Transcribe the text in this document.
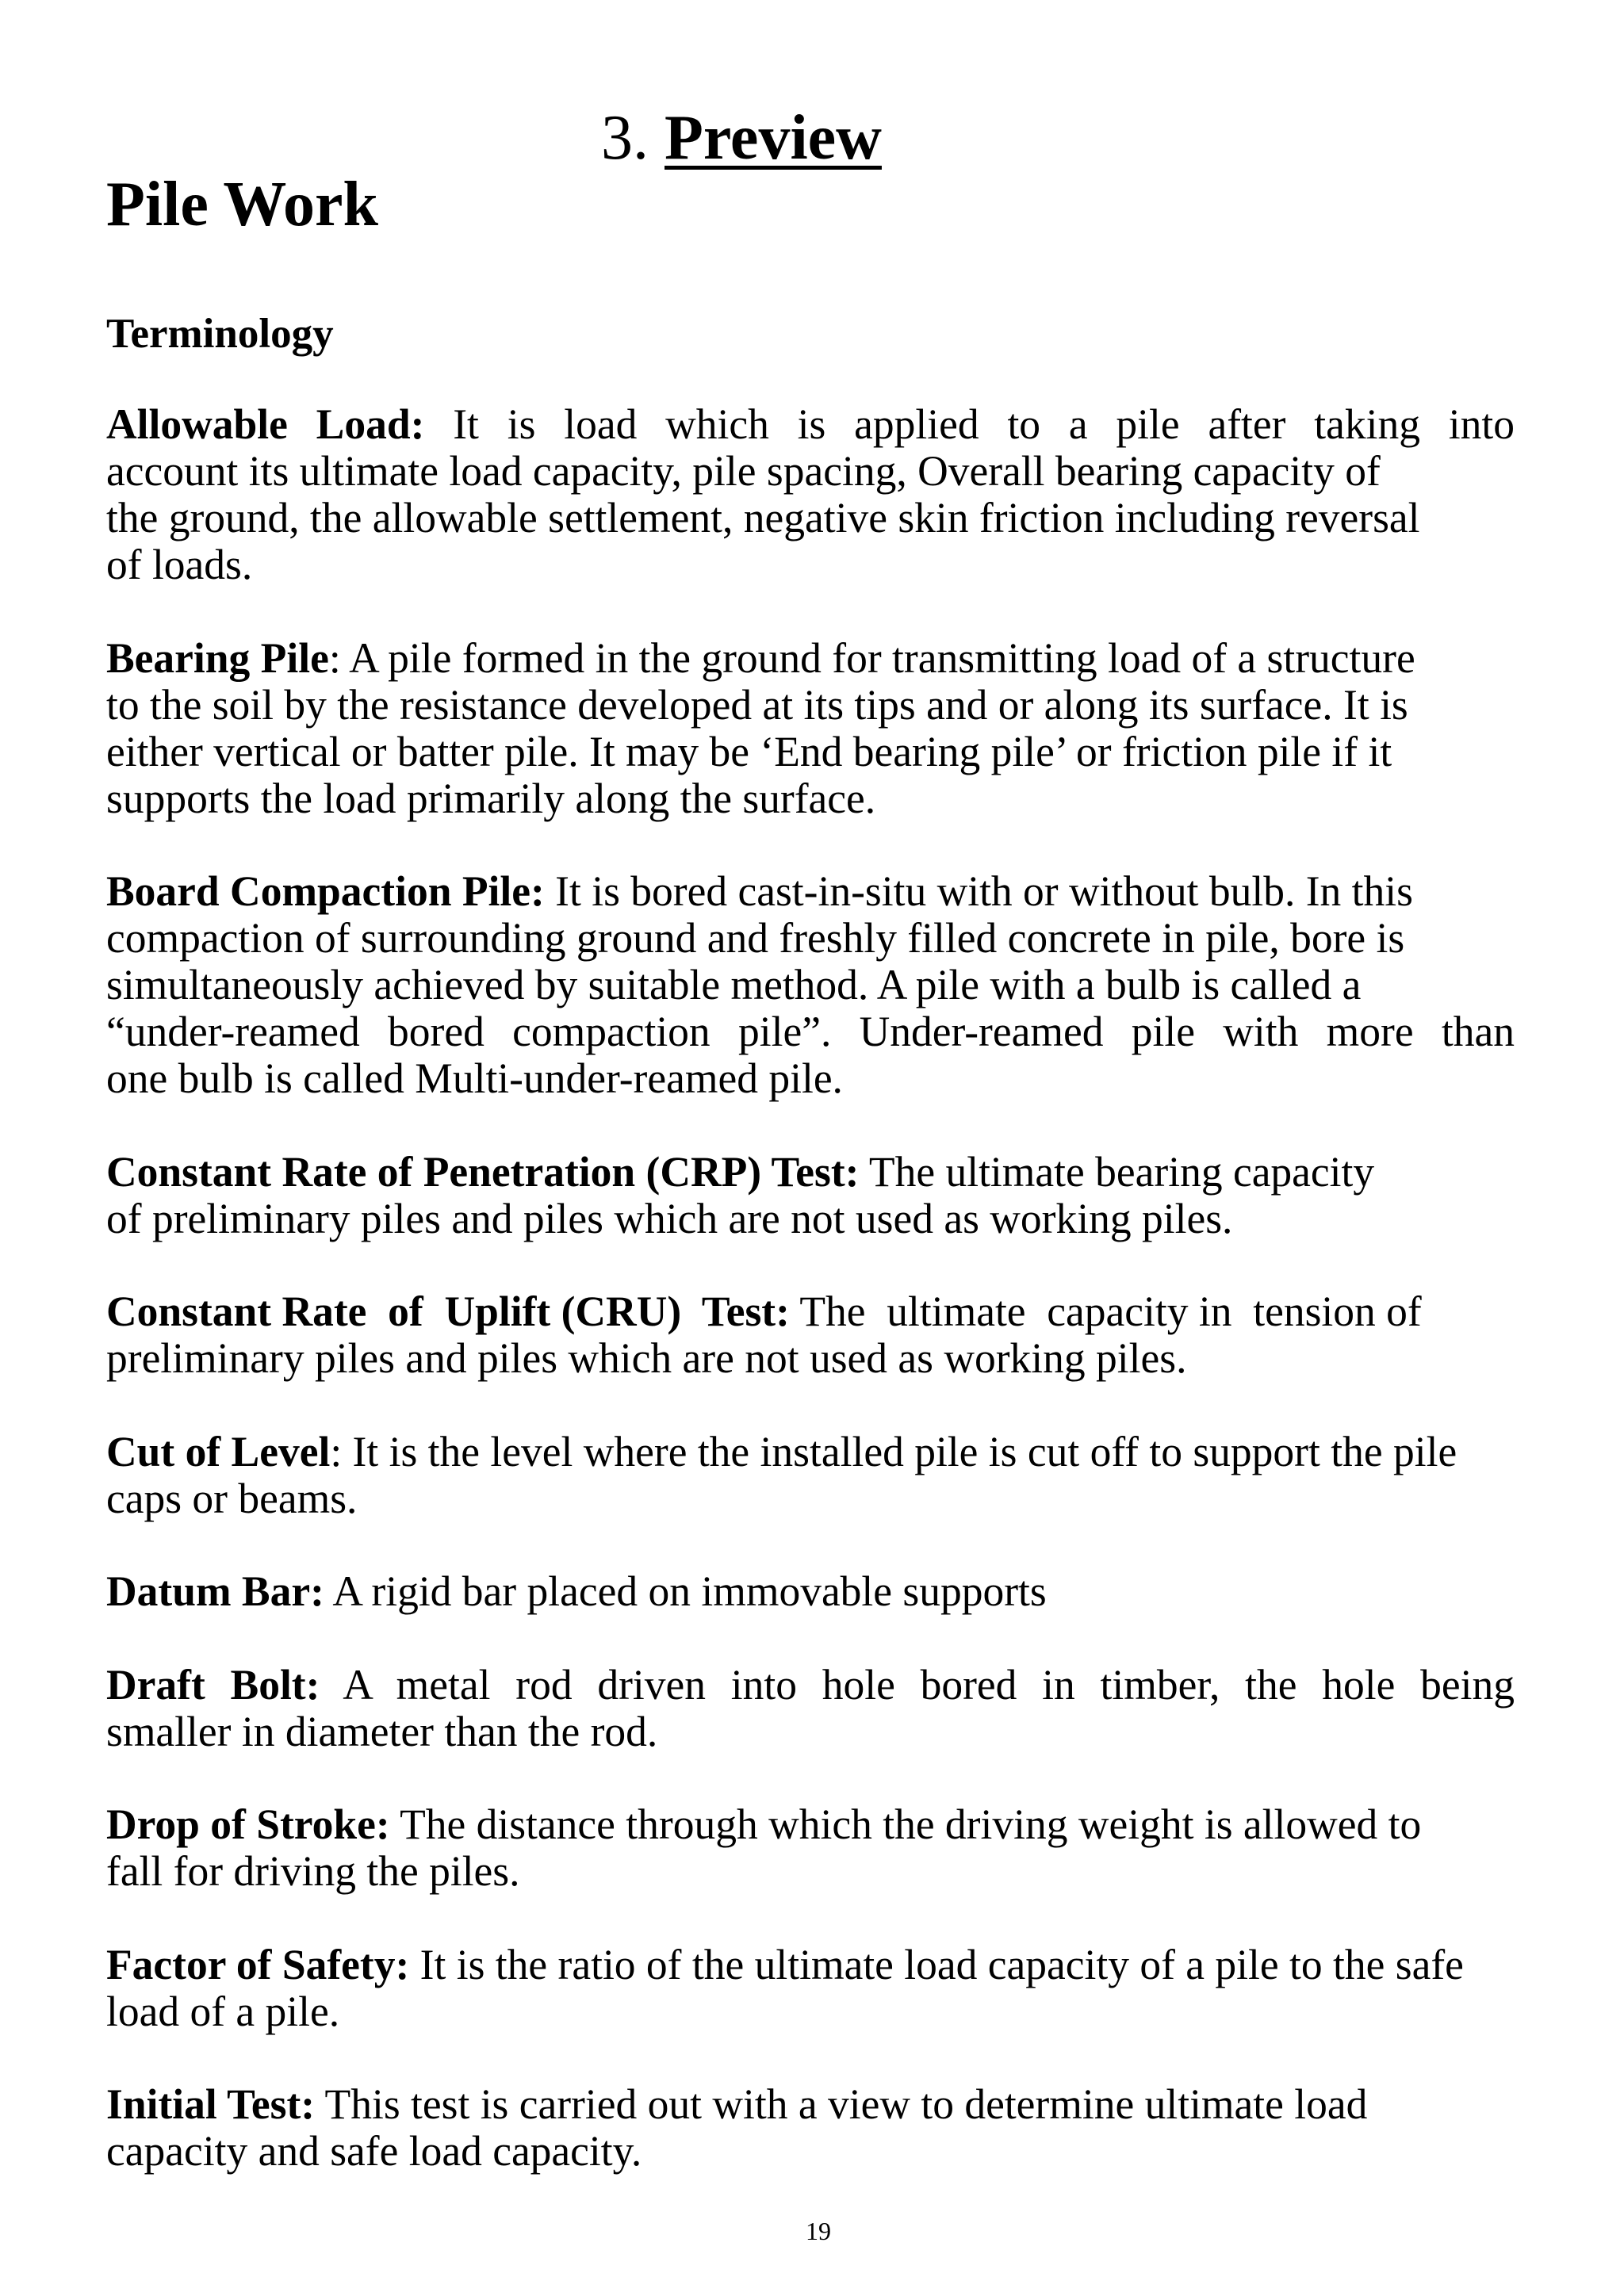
3. Preview
Pile Work
Terminology

Allowable Load: It is load which is applied to a pile after taking into
account its ultimate load capacity, pile spacing, Overall bearing capacity of
the ground, the allowable settlement, negative skin friction including reversal
of loads.

Bearing Pile: A pile formed in the ground for transmitting load of a structure
to the soil by the resistance developed at its tips and or along its surface. It is
either vertical or batter pile. It may be ‘End bearing pile’ or friction pile if it
supports the load primarily along the surface.

Board Compaction Pile: It is bored cast-in-situ with or without bulb. In this
compaction of surrounding ground and freshly filled concrete in pile, bore is
simultaneously achieved by suitable method. A pile with a bulb is called a
“under-reamed bored compaction pile”. Under-reamed pile with more than
one bulb is called Multi-under-reamed pile.

Constant Rate of Penetration (CRP) Test: The ultimate bearing capacity
of preliminary piles and piles which are not used as working piles.

Constant Rate  of  Uplift (CRU)  Test: The  ultimate  capacity in  tension of
preliminary piles and piles which are not used as working piles.

Cut of Level: It is the level where the installed pile is cut off to support the pile
caps or beams.

Datum Bar: A rigid bar placed on immovable supports

Draft Bolt: A metal rod driven into hole bored in timber, the hole being
smaller in diameter than the rod.

Drop of Stroke: The distance through which the driving weight is allowed to
fall for driving the piles.

Factor of Safety: It is the ratio of the ultimate load capacity of a pile to the safe
load of a pile.

Initial Test: This test is carried out with a view to determine ultimate load
capacity and safe load capacity.

19
